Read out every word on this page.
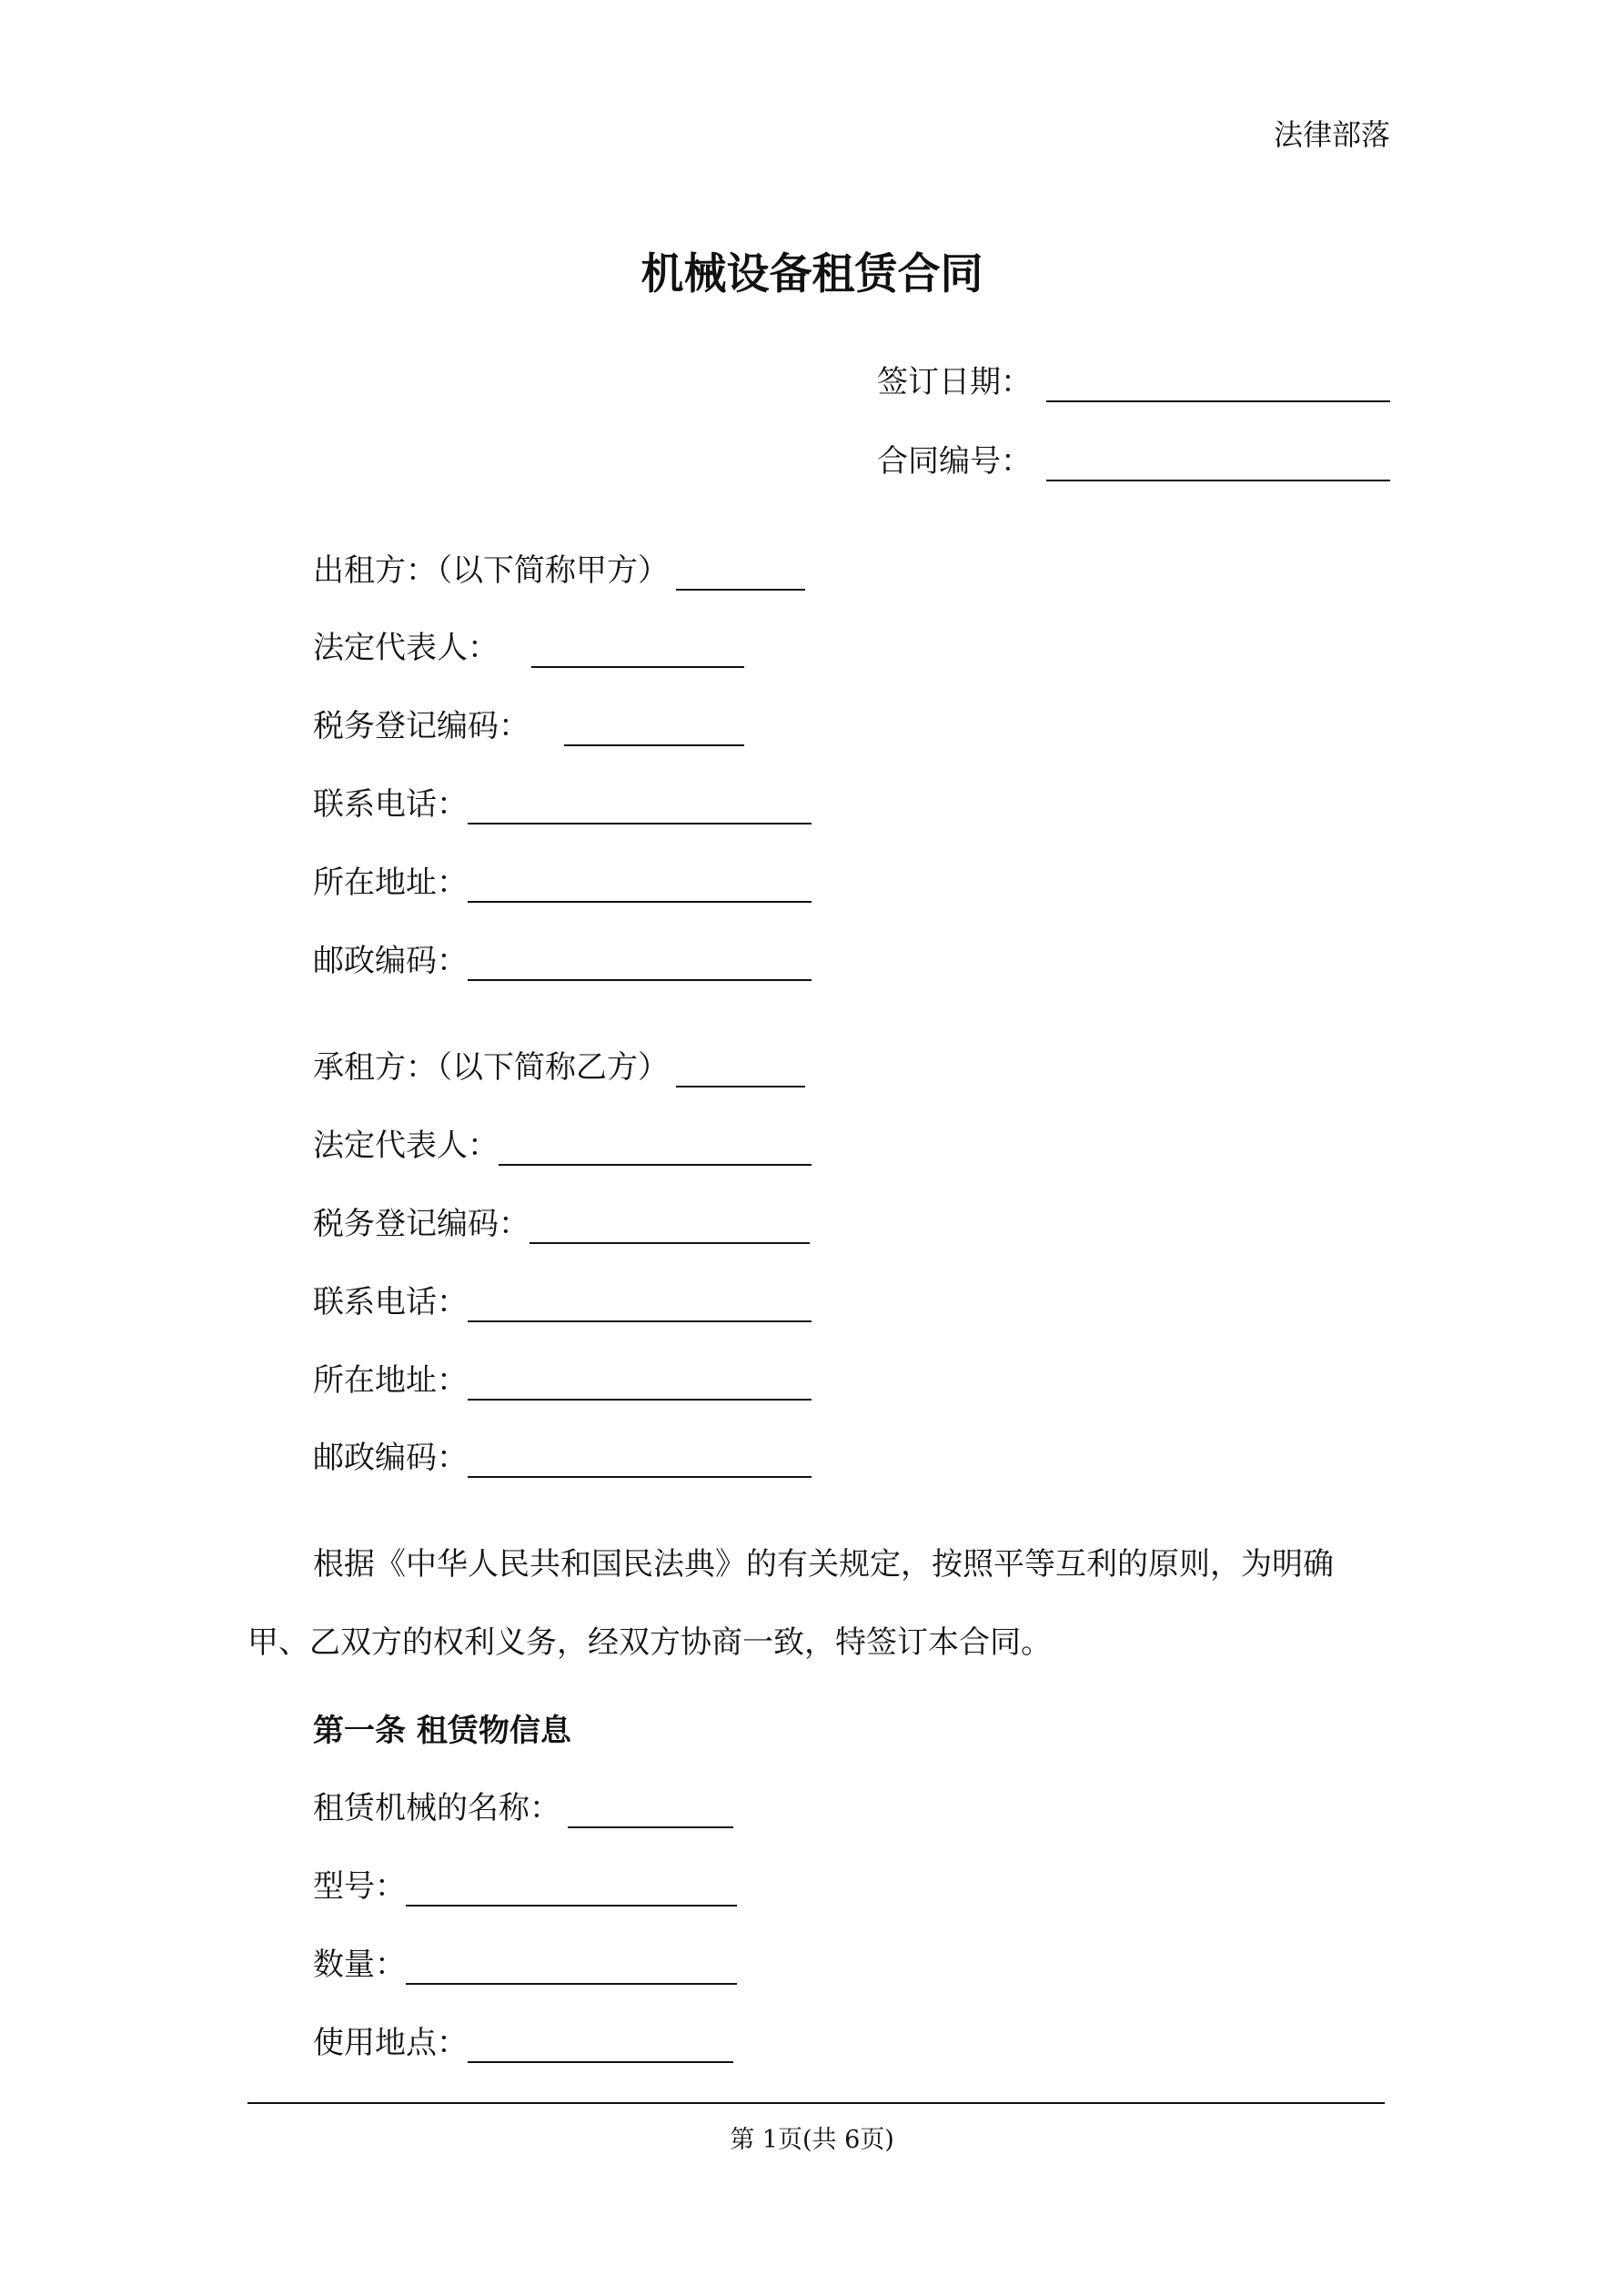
法律部落
机械设备租赁合同
签订日期：
合同编号：
出租方：（以下简称甲方）
法定代表人：
税务登记编码：
联系电话：
所在地址：
邮政编码：
承租方：（以下简称乙方）
法定代表人：
税务登记编码：
联系电话：
所在地址：
邮政编码：

根据《中华人民共和国民法典》的有关规定，按照平等互利的原则，为明确甲、乙双方的权利义务，经双方协商一致，特签订本合同。

第一条 租赁物信息
租赁机械的名称：
型号：
数量：
使用地点：
第 1页(共 6页)
